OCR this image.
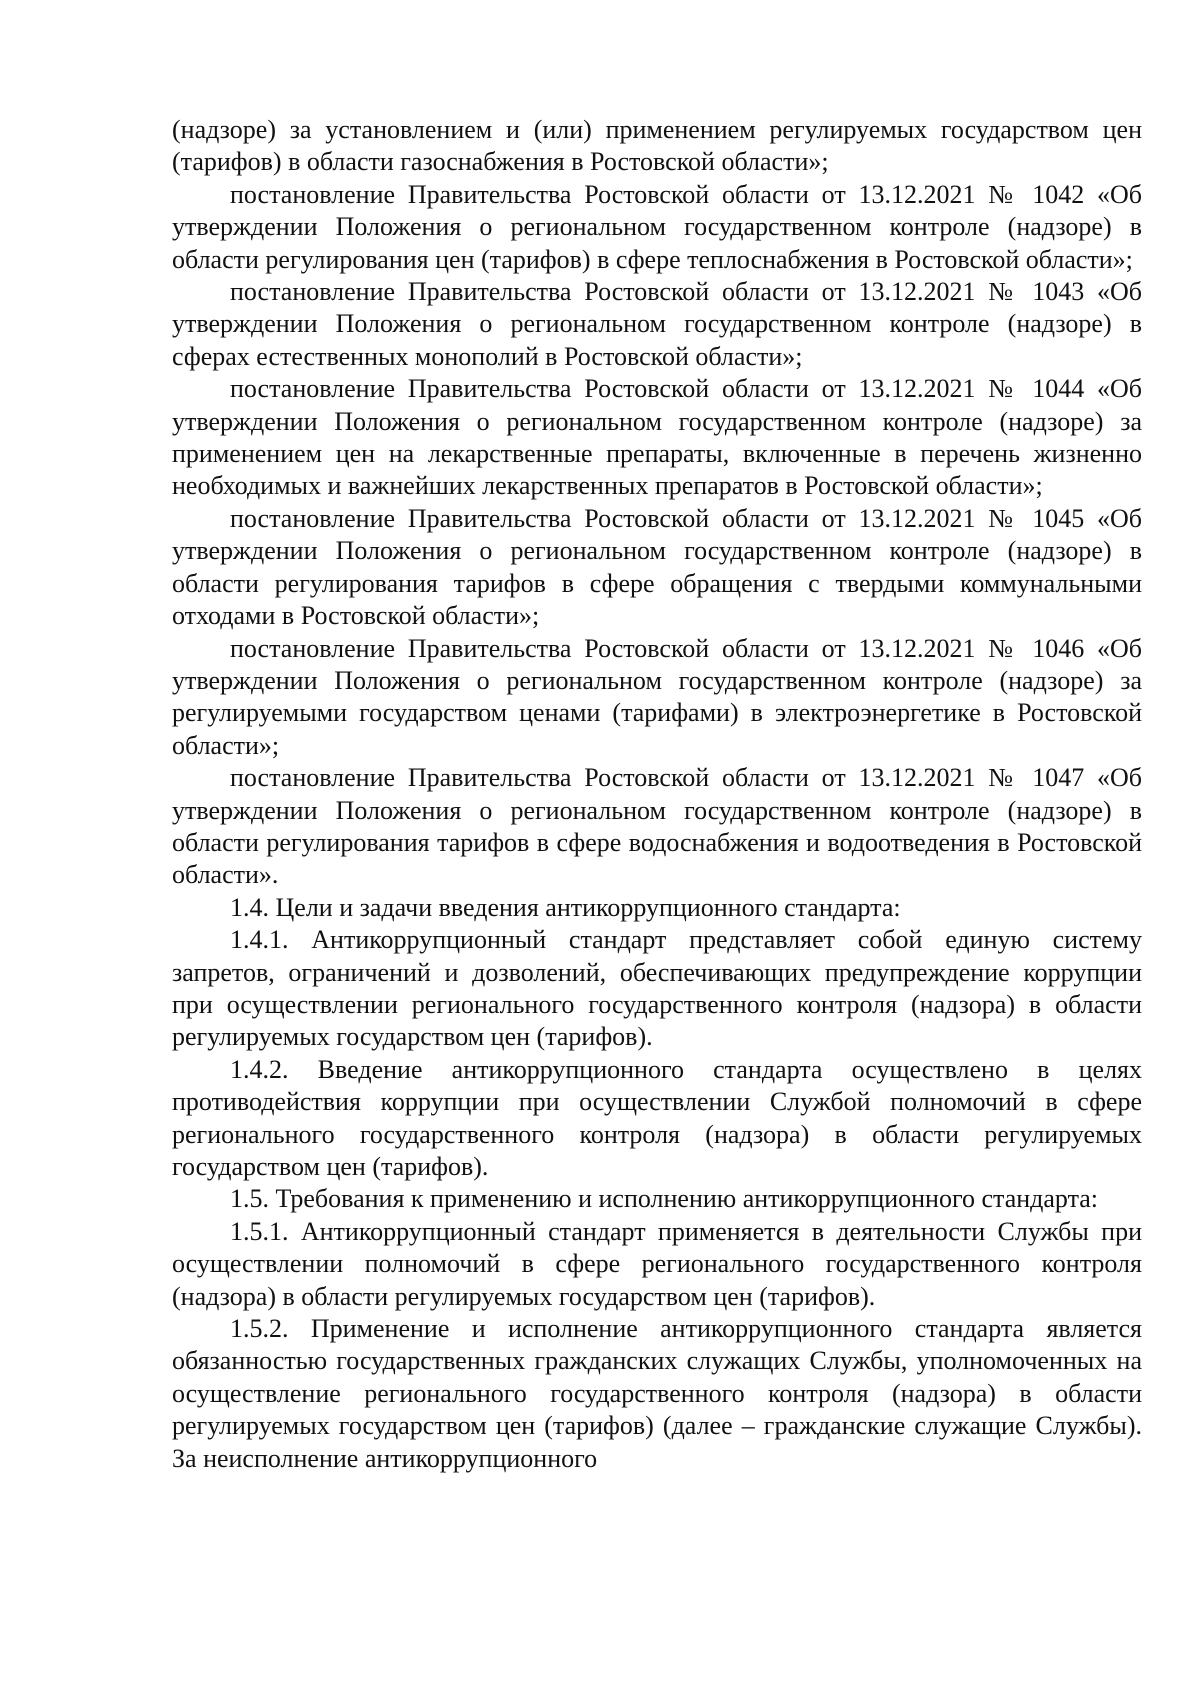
(надзоре) за установлением и (или) применением регулируемых государством цен (тарифов) в области газоснабжения в Ростовской области»;

постановление Правительства Ростовской области от 13.12.2021 № 1042 «Об утверждении Положения о региональном государственном контроле (надзоре) в области регулирования цен (тарифов) в сфере теплоснабжения в Ростовской области»;

постановление Правительства Ростовской области от 13.12.2021 № 1043 «Об утверждении Положения о региональном государственном контроле (надзоре) в сферах естественных монополий в Ростовской области»;

постановление Правительства Ростовской области от 13.12.2021 № 1044 «Об утверждении Положения о региональном государственном контроле (надзоре) за применением цен на лекарственные препараты, включенные в перечень жизненно необходимых и важнейших лекарственных препаратов в Ростовской области»;

постановление Правительства Ростовской области от 13.12.2021 № 1045 «Об утверждении Положения о региональном государственном контроле (надзоре) в области регулирования тарифов в сфере обращения с твердыми коммунальными отходами в Ростовской области»;

постановление Правительства Ростовской области от 13.12.2021 № 1046 «Об утверждении Положения о региональном государственном контроле (надзоре) за регулируемыми государством ценами (тарифами) в электроэнергетике в Ростовской области»;

постановление Правительства Ростовской области от 13.12.2021 № 1047 «Об утверждении Положения о региональном государственном контроле (надзоре) в области регулирования тарифов в сфере водоснабжения и водоотведения в Ростовской области».

1.4. Цели и задачи введения антикоррупционного стандарта:

1.4.1. Антикоррупционный стандарт представляет собой единую систему запретов, ограничений и дозволений, обеспечивающих предупреждение коррупции при осуществлении регионального государственного контроля (надзора) в области регулируемых государством цен (тарифов).

1.4.2. Введение антикоррупционного стандарта осуществлено в целях противодействия коррупции при осуществлении Службой полномочий в сфере регионального государственного контроля (надзора) в области регулируемых государством цен (тарифов).

1.5. Требования к применению и исполнению антикоррупционного стандарта:

1.5.1. Антикоррупционный стандарт применяется в деятельности Службы при осуществлении полномочий в сфере регионального государственного контроля (надзора) в области регулируемых государством цен (тарифов).

1.5.2. Применение и исполнение антикоррупционного стандарта является обязанностью государственных гражданских служащих Службы, уполномоченных на осуществление регионального государственного контроля (надзора) в области регулируемых государством цен (тарифов) (далее – гражданские служащие Службы). За неисполнение антикоррупционного
